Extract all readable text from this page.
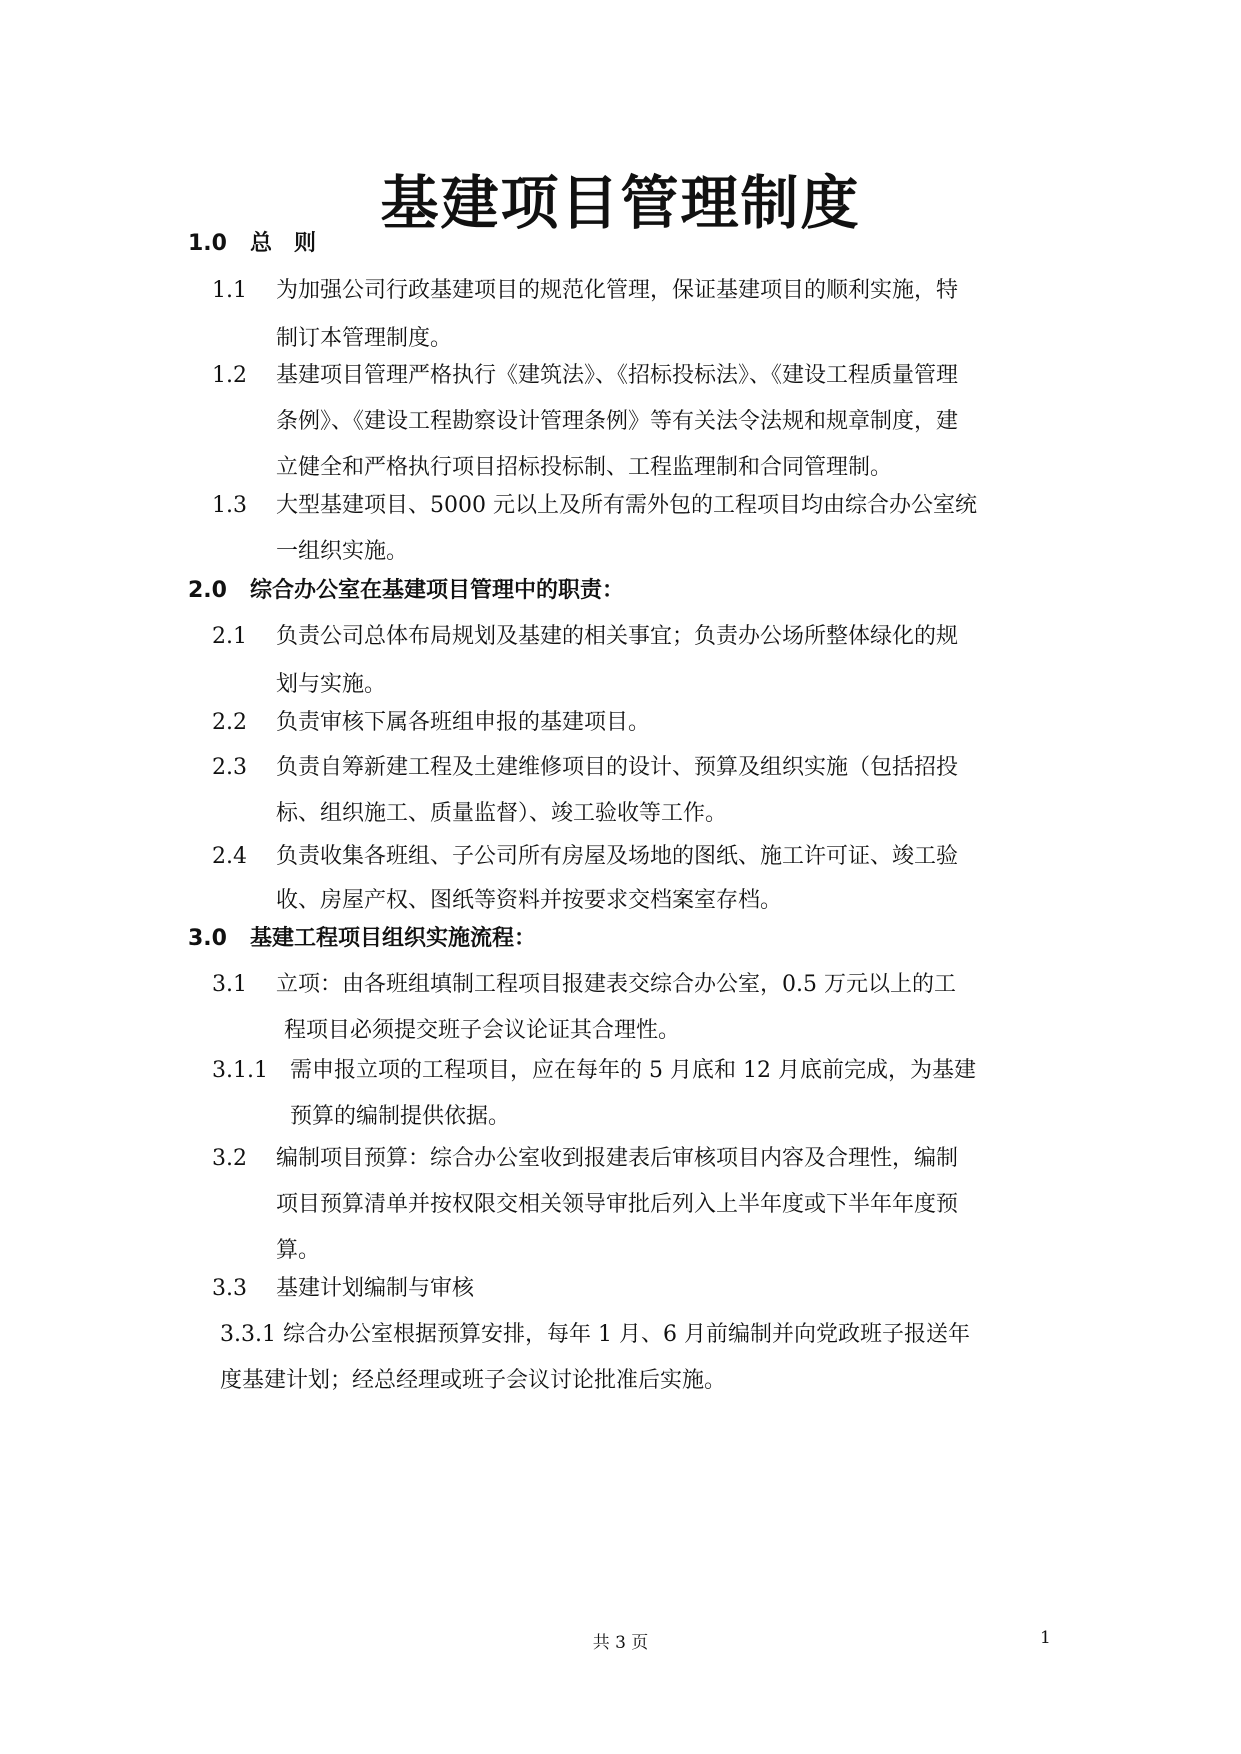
基建项目管理制度
1.0 总　则
2.0 综合办公室在基建项目管理中的职责：
3.0 基建工程项目组织实施流程：
1.1 为加强公司行政基建项目的规范化管理，保证基建项目的顺利实施，特
制订本管理制度。
1.2 基建项目管理严格执行《建筑法》、《招标投标法》、《建设工程质量管理
条例》、《建设工程勘察设计管理条例》等有关法令法规和规章制度，建
立健全和严格执行项目招标投标制、工程监理制和合同管理制。
1.3 大型基建项目、5000 元以上及所有需外包的工程项目均由综合办公室统
一组织实施。
2.1 负责公司总体布局规划及基建的相关事宜；负责办公场所整体绿化的规
划与实施。
2.2 负责审核下属各班组申报的基建项目。
2.3 负责自筹新建工程及土建维修项目的设计、预算及组织实施（包括招投
标、组织施工、质量监督）、竣工验收等工作。
2.4 负责收集各班组、子公司所有房屋及场地的图纸、施工许可证、竣工验
收、房屋产权、图纸等资料并按要求交档案室存档。
3.1 立项：由各班组填制工程项目报建表交综合办公室，0.5 万元以上的工
程项目必须提交班子会议论证其合理性。
3.1.1 需申报立项的工程项目，应在每年的 5 月底和 12 月底前完成，为基建
预算的编制提供依据。
3.2 编制项目预算：综合办公室收到报建表后审核项目内容及合理性，编制
项目预算清单并按权限交相关领导审批后列入上半年度或下半年年度预
算。
3.3 基建计划编制与审核
3.3.1 综合办公室根据预算安排，每年 1 月、6 月前编制并向党政班子报送年
度基建计划；经总经理或班子会议讨论批准后实施。
共 3 页	1
